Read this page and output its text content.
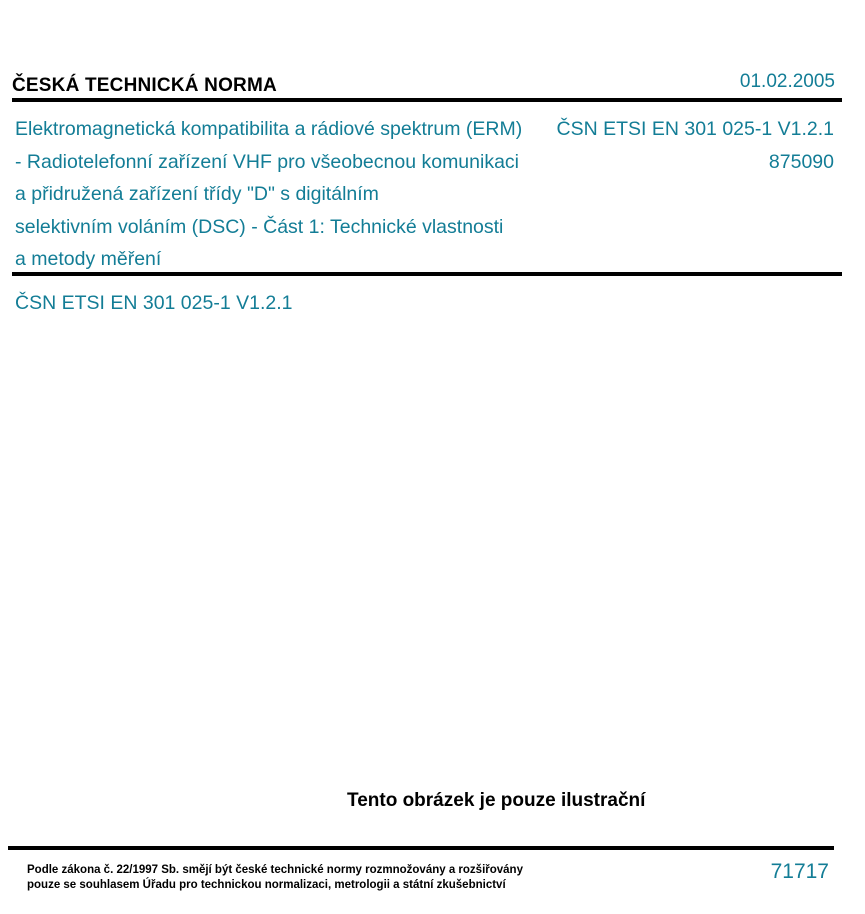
ČESKÁ TECHNICKÁ NORMA	01.02.2005
Elektromagnetická kompatibilita a rádiové spektrum (ERM)
- Radiotelefonní zařízení VHF pro všeobecnou komunikaci
a přidružená zařízení třídy "D" s digitálním
selektivním voláním (DSC) - Část 1: Technické vlastnosti
a metody měření
ČSN ETSI EN 301 025-1 V1.2.1
875090
ČSN ETSI EN 301 025-1 V1.2.1
Tento obrázek je pouze ilustrační
Podle zákona č. 22/1997 Sb. smějí být české technické normy rozmnožovány a rozšiřovány
pouze se souhlasem Úřadu pro technickou normalizaci, metrologii a státní zkušebnictví
71717
